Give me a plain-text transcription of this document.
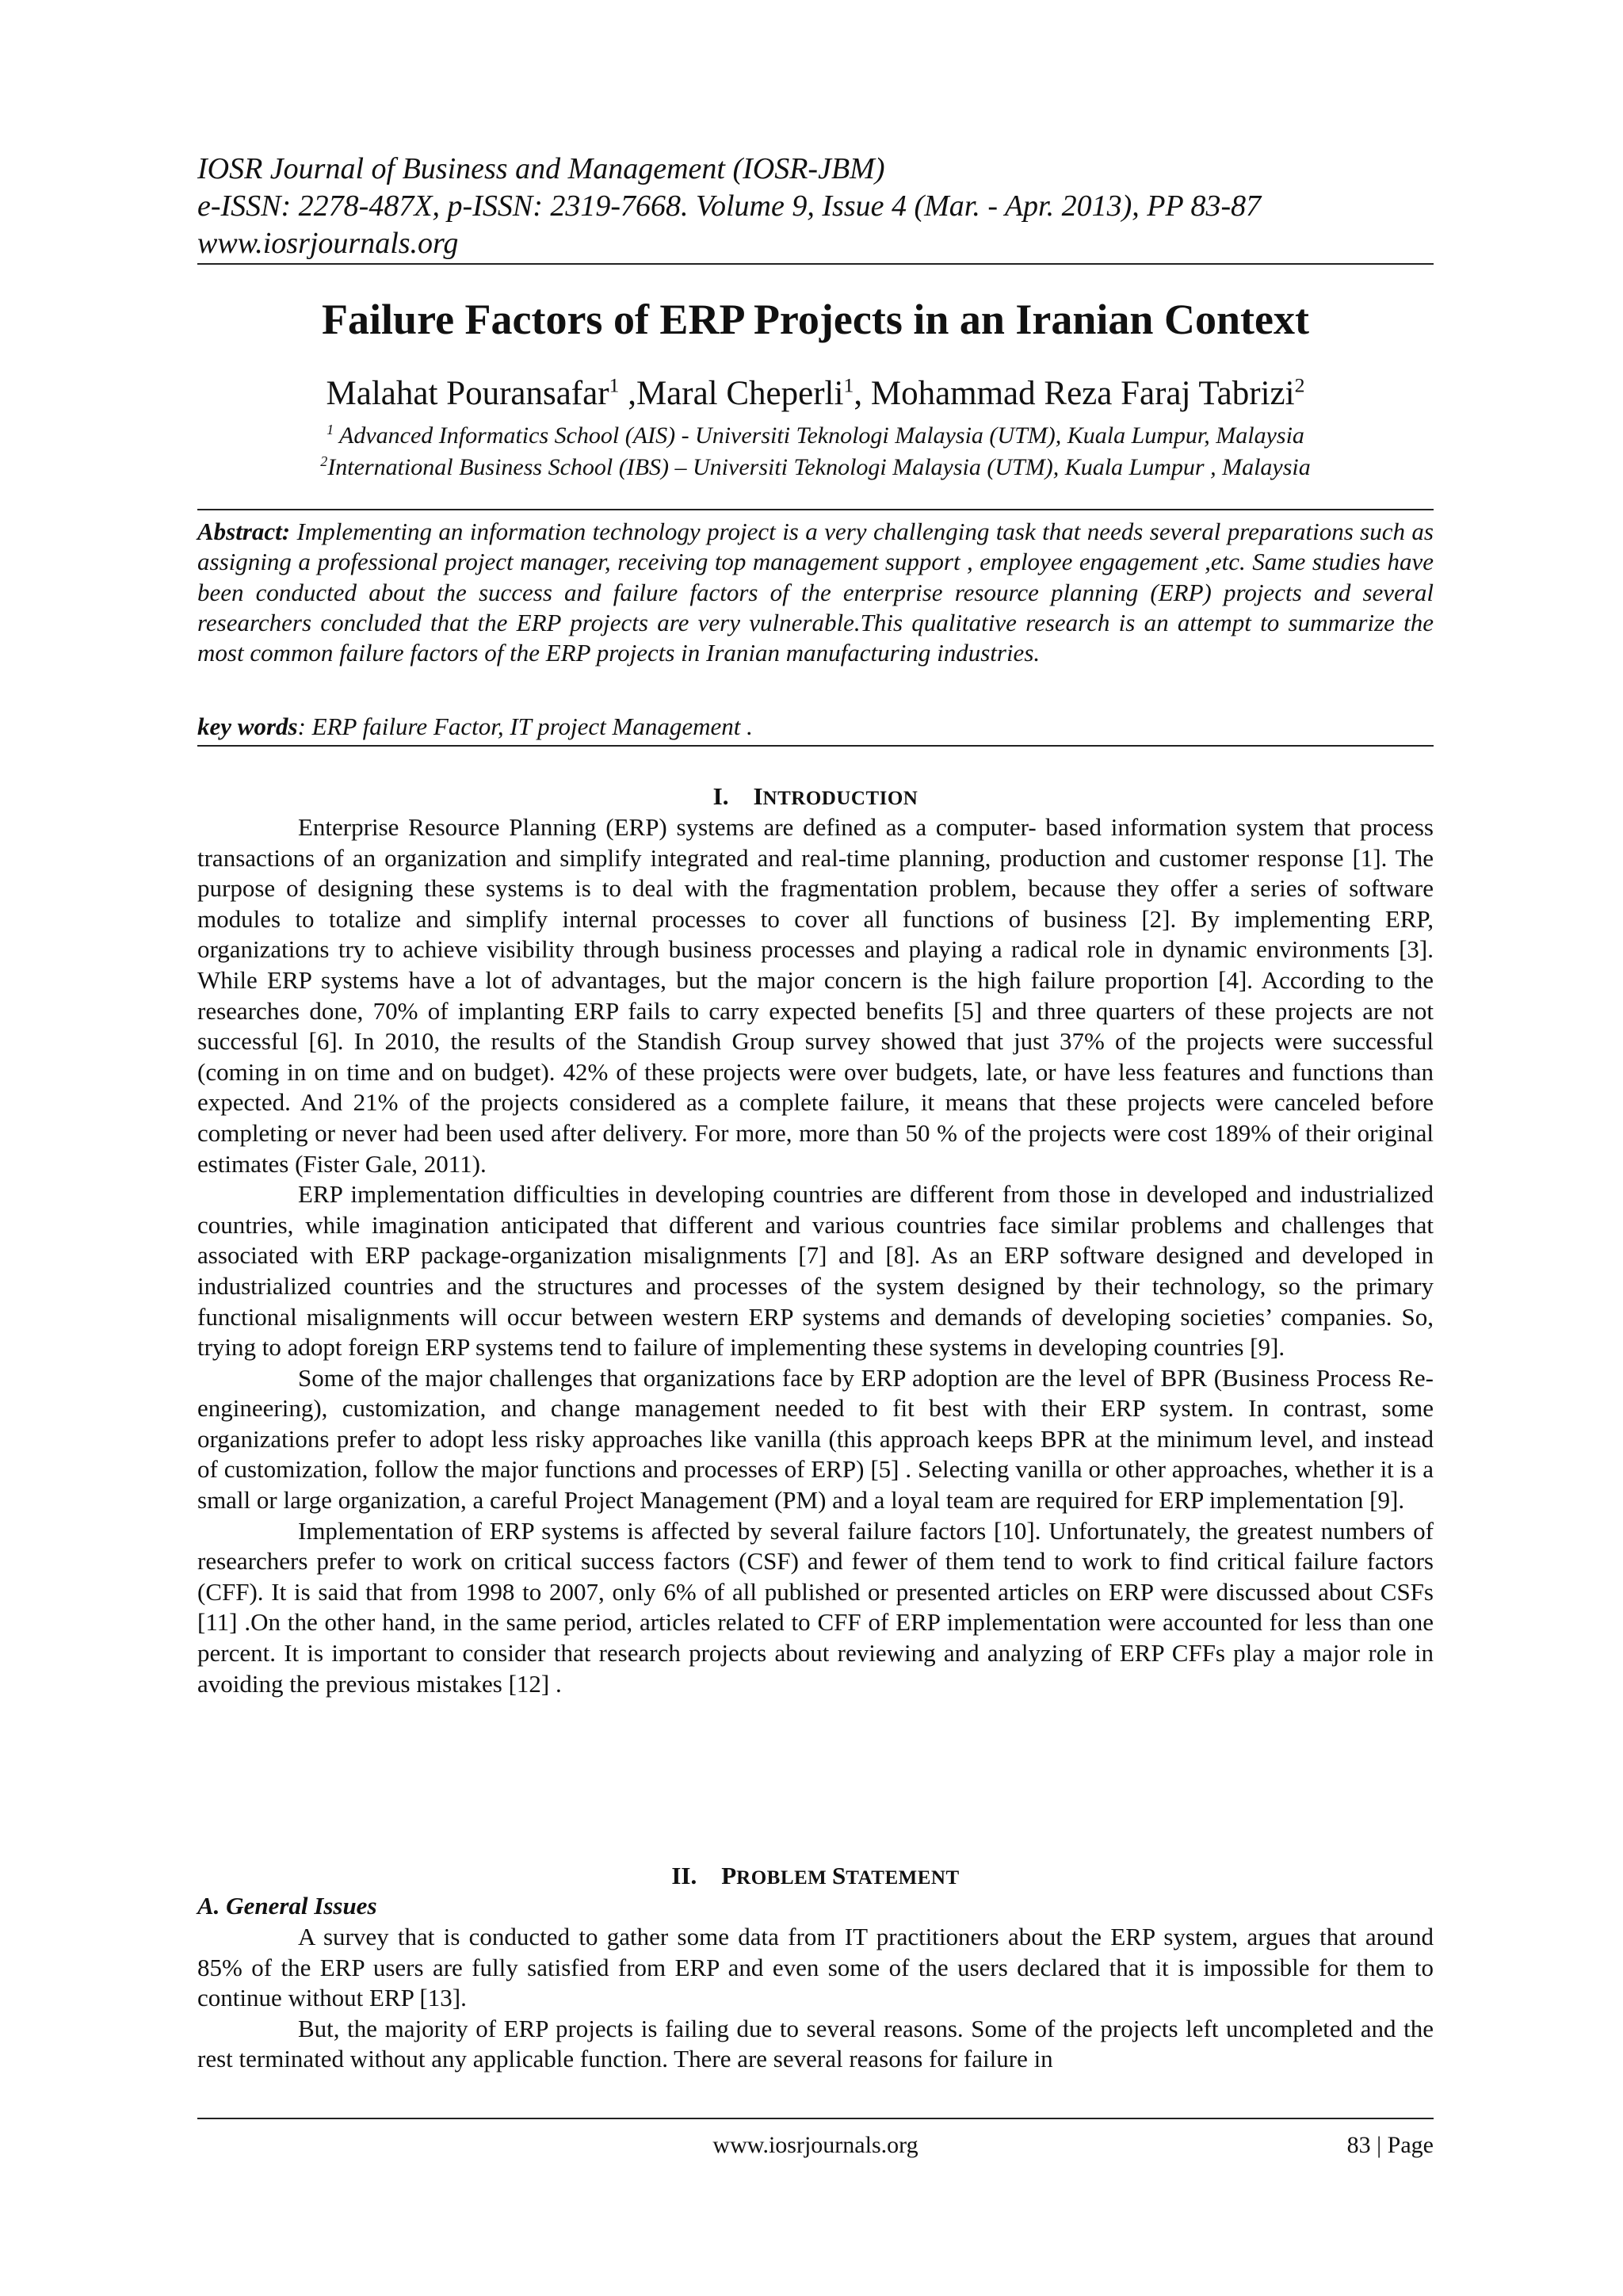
IOSR Journal of Business and Management (IOSR-JBM)
e-ISSN: 2278-487X, p-ISSN: 2319-7668. Volume 9, Issue 4 (Mar. - Apr. 2013), PP 83-87
www.iosrjournals.org
Failure Factors of ERP Projects in an Iranian Context
Malahat Pouransafar$^1$ ,Maral Cheperli$^1$, Mohammad Reza Faraj Tabrizi$^2$
$^1$ Advanced Informatics School (AIS) - Universiti Teknologi Malaysia (UTM), Kuala Lumpur, Malaysia
$^2$International Business School (IBS) – Universiti Teknologi Malaysia (UTM), Kuala Lumpur , Malaysia
Abstract: Implementing an information technology project is a very challenging task that needs several preparations such as assigning a professional project manager, receiving top management support , employee engagement ,etc. Same studies have been conducted about the success and failure factors of the enterprise resource planning (ERP) projects and several researchers concluded that the ERP projects are very vulnerable.This qualitative research is an attempt to summarize the most common failure factors of the ERP projects in Iranian manufacturing industries.
key words: ERP failure Factor, IT project Management .
I. INTRODUCTION

Enterprise Resource Planning (ERP) systems are defined as a computer- based information system that process transactions of an organization and simplify integrated and real-time planning, production and customer response [1]. The purpose of designing these systems is to deal with the fragmentation problem, because they offer a series of software modules to totalize and simplify internal processes to cover all functions of business [2]. By implementing ERP, organizations try to achieve visibility through business processes and playing a radical role in dynamic environments [3]. While ERP systems have a lot of advantages, but the major concern is the high failure proportion [4]. According to the researches done, 70% of implanting ERP fails to carry expected benefits [5] and three quarters of these projects are not successful [6]. In 2010, the results of the Standish Group survey showed that just 37% of the projects were successful (coming in on time and on budget). 42% of these projects were over budgets, late, or have less features and functions than expected. And 21% of the projects considered as a complete failure, it means that these projects were canceled before completing or never had been used after delivery. For more, more than 50 % of the projects were cost 189% of their original estimates (Fister Gale, 2011).

ERP implementation difficulties in developing countries are different from those in developed and industrialized countries, while imagination anticipated that different and various countries face similar problems and challenges that associated with ERP package-organization misalignments [7] and [8]. As an ERP software designed and developed in industrialized countries and the structures and processes of the system designed by their technology, so the primary functional misalignments will occur between western ERP systems and demands of developing societies’ companies. So, trying to adopt foreign ERP systems tend to failure of implementing these systems in developing countries [9].

Some of the major challenges that organizations face by ERP adoption are the level of BPR (Business Process Re-engineering), customization, and change management needed to fit best with their ERP system. In contrast, some organizations prefer to adopt less risky approaches like vanilla (this approach keeps BPR at the minimum level, and instead of customization, follow the major functions and processes of ERP) [5] . Selecting vanilla or other approaches, whether it is a small or large organization, a careful Project Management (PM) and a loyal team are required for ERP implementation [9].

Implementation of ERP systems is affected by several failure factors [10]. Unfortunately, the greatest numbers of researchers prefer to work on critical success factors (CSF) and fewer of them tend to work to find critical failure factors (CFF). It is said that from 1998 to 2007, only 6% of all published or presented articles on ERP were discussed about CSFs [11] .On the other hand, in the same period, articles related to CFF of ERP implementation were accounted for less than one percent. It is important to consider that research projects about reviewing and analyzing of ERP CFFs play a major role in avoiding the previous mistakes [12] .

II. PROBLEM STATEMENT
A. General Issues

A survey that is conducted to gather some data from IT practitioners about the ERP system, argues that around 85% of the ERP users are fully satisfied from ERP and even some of the users declared that it is impossible for them to continue without ERP [13].

But, the majority of ERP projects is failing due to several reasons. Some of the projects left uncompleted and the rest terminated without any applicable function. There are several reasons for failure in

www.iosrjournals.org	83 | Page
